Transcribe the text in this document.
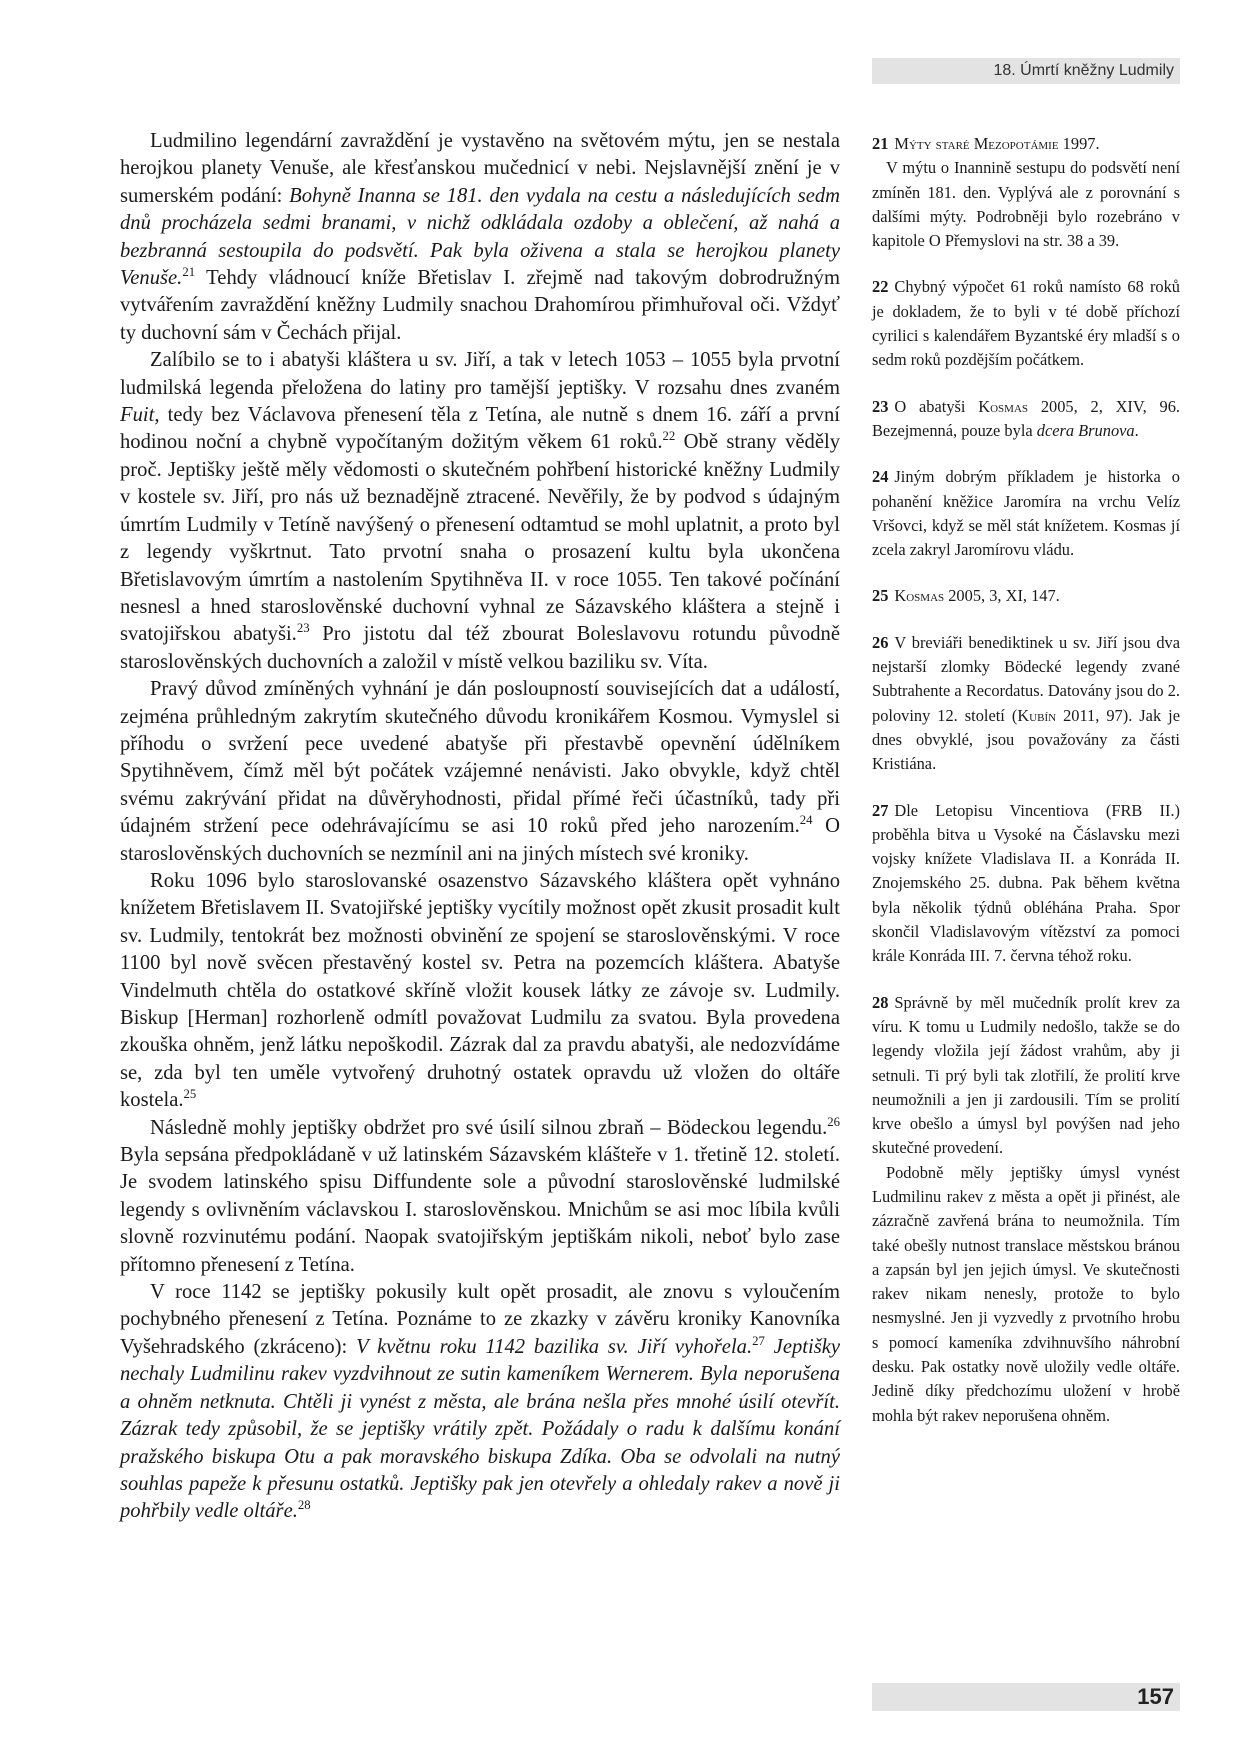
18. Úmrtí kněžny Ludmily

Ludmilino legendární zavraždění je vystavěno na světovém mýtu, jen se nestala herojkou planety Venuše, ale křesťanskou mučednicí v nebi. Nejslavnější znění je v sumerském podání: Bohyně Inanna se 181. den vydala na cestu a následujících sedm dnů procházela sedmi branami, v nichž odkládala ozdoby a oblečení, až nahá a bezbranná sestoupila do podsvětí. Pak byla oživena a stala se herojkou planety Venuše.$^{21}$ Tehdy vládnoucí kníže Břetislav I. zřejmě nad takovým dobrodružným vytvářením zavraždění kněžny Ludmily snachou Drahomírou přimhuřoval oči. Vždyť ty duchovní sám v Čechách přijal.

Zalíbilo se to i abatyši kláštera u sv. Jiří, a tak v letech 1053 – 1055 byla prvotní ludmilská legenda přeložena do latiny pro tamější jeptišky. V rozsahu dnes zvaném Fuit, tedy bez Václavova přenesení těla z Tetína, ale nutně s dnem 16. září a první hodinou noční a chybně vypočítaným dožitým věkem 61 roků.$^{22}$ Obě strany věděly proč. Jeptišky ještě měly vědomosti o skutečném pohřbení historické kněžny Ludmily v kostele sv. Jiří, pro nás už beznadějně ztracené. Nevěřily, že by podvod s údajným úmrtím Ludmily v Tetíně navýšený o přenesení odtamtud se mohl uplatnit, a proto byl z legendy vyškrtnut. Tato prvotní snaha o prosazení kultu byla ukončena Břetislavovým úmrtím a nastolením Spytihněva II. v roce 1055. Ten takové počínání nesnesl a hned staroslověnské duchovní vyhnal ze Sázavského kláštera a stejně i svatojiřskou abatyši.$^{23}$ Pro jistotu dal též zbourat Boleslavovu rotundu původně staroslověnských duchovních a založil v místě velkou baziliku sv. Víta.

Pravý důvod zmíněných vyhnání je dán posloupností souvisejících dat a událostí, zejména průhledným zakrytím skutečného důvodu kronikářem Kosmou. Vymyslel si příhodu o svržení pece uvedené abatyše při přestavbě opevnění údělníkem Spytihněvem, čímž měl být počátek vzájemné nenávisti. Jako obvykle, když chtěl svému zakrývání přidat na důvěryhodnosti, přidal přímé řeči účastníků, tady při údajném stržení pece odehrávajícímu se asi 10 roků před jeho narozením.$^{24}$ O staroslověnských duchovních se nezmínil ani na jiných místech své kroniky.

Roku 1096 bylo staroslovanské osazenstvo Sázavského kláštera opět vyhnáno knížetem Břetislavem II. Svatojiřské jeptišky vycítily možnost opět zkusit prosadit kult sv. Ludmily, tentokrát bez možnosti obvinění ze spojení se staroslověnskými. V roce 1100 byl nově svěcen přestavěný kostel sv. Petra na pozemcích kláštera. Abatyše Vindelmuth chtěla do ostatkové skříně vložit kousek látky ze závoje sv. Ludmily. Biskup [Herman] rozhorleně odmítl považovat Ludmilu za svatou. Byla provedena zkouška ohněm, jenž látku nepoškodil. Zázrak dal za pravdu abatyši, ale nedozvídáme se, zda byl ten uměle vytvořený druhotný ostatek opravdu už vložen do oltáře kostela.$^{25}$

Následně mohly jeptišky obdržet pro své úsilí silnou zbraň – Bödeckou legendu.$^{26}$ Byla sepsána předpokládaně v už latinském Sázavském klášteře v 1. třetině 12. století. Je svodem latinského spisu Diffundente sole a původní staroslověnské ludmilské legendy s ovlivněním václavskou I. staroslověnskou. Mnichům se asi moc líbila kvůli slovně rozvinutému podání. Naopak svatojiřským jeptiškám nikoli, neboť bylo zase přítomno přenesení z Tetína.

V roce 1142 se jeptišky pokusily kult opět prosadit, ale znovu s vyloučením pochybného přenesení z Tetína. Poznáme to ze zkazky v závěru kroniky Kanovníka Vyšehradského (zkráceno): V květnu roku 1142 bazilika sv. Jiří vyhořela.$^{27}$ Jeptišky nechaly Ludmilinu rakev vyzdvihnout ze sutin kameníkem Wernerem. Byla neporušena a ohněm netknuta. Chtěli ji vynést z města, ale brána nešla přes mnohé úsilí otevřít. Zázrak tedy způsobil, že se jeptišky vrátily zpět. Požádaly o radu k dalšímu konání pražského biskupa Otu a pak moravského biskupa Zdíka. Oba se odvolali na nutný souhlas papeže k přesunu ostatků. Jeptišky pak jen otevřely a ohledaly rakev a nově ji pohřbily vedle oltáře.$^{28}$

21 Mýty staré Mezopotámie 1997.

V mýtu o Inannině sestupu do podsvětí není zmíněn 181. den. Vyplývá ale z porovnání s dalšími mýty. Podrobněji bylo rozebráno v kapitole O Přemyslovi na str. 38 a 39.

22 Chybný výpočet 61 roků namísto 68 roků je dokladem, že to byli v té době příchozí cyrilici s kalendářem Byzantské éry mladší s o sedm roků pozdějším počátkem.

23 O abatyši Kosmas 2005, 2, XIV, 96. Bezejmenná, pouze byla dcera Brunova.

24 Jiným dobrým příkladem je historka o pohanění kněžice Jaromíra na vrchu Velíz Vršovci, když se měl stát knížetem. Kosmas jí zcela zakryl Jaromírovu vládu.

25 Kosmas 2005, 3, XI, 147.

26 V breviáři benediktinek u sv. Jiří jsou dva nejstarší zlomky Bödecké legendy zvané Subtrahente a Recordatus. Datovány jsou do 2. poloviny 12. století (Kubín 2011, 97). Jak je dnes obvyklé, jsou považovány za části Kristiána.

27 Dle Letopisu Vincentiova (FRB II.) proběhla bitva u Vysoké na Čáslavsku mezi vojsky knížete Vladislava II. a Konráda II. Znojemského 25. dubna. Pak během května byla několik týdnů obléhána Praha. Spor skončil Vladislavovým vítězství za pomoci krále Konráda III. 7. června téhož roku.

28 Správně by měl mučedník prolít krev za víru. K tomu u Ludmily nedošlo, takže se do legendy vložila její žádost vrahům, aby ji setnuli. Ti prý byli tak zlotřilí, že prolití krve neumožnili a jen ji zardousili. Tím se prolití krve obešlo a úmysl byl povýšen nad jeho skutečné provedení.

Podobně měly jeptišky úmysl vynést Ludmilinu rakev z města a opět ji přinést, ale zázračně zavřená brána to neumožnila. Tím také obešly nutnost translace městskou bránou a zapsán byl jen jejich úmysl. Ve skutečnosti rakev nikam nenesly, protože to bylo nesmyslné. Jen ji vyzvedly z prvotního hrobu s pomocí kameníka zdvihnuvšího náhrobní desku. Pak ostatky nově uložily vedle oltáře. Jedině díky předchozímu uložení v hrobě mohla být rakev neporušena ohněm.

157
